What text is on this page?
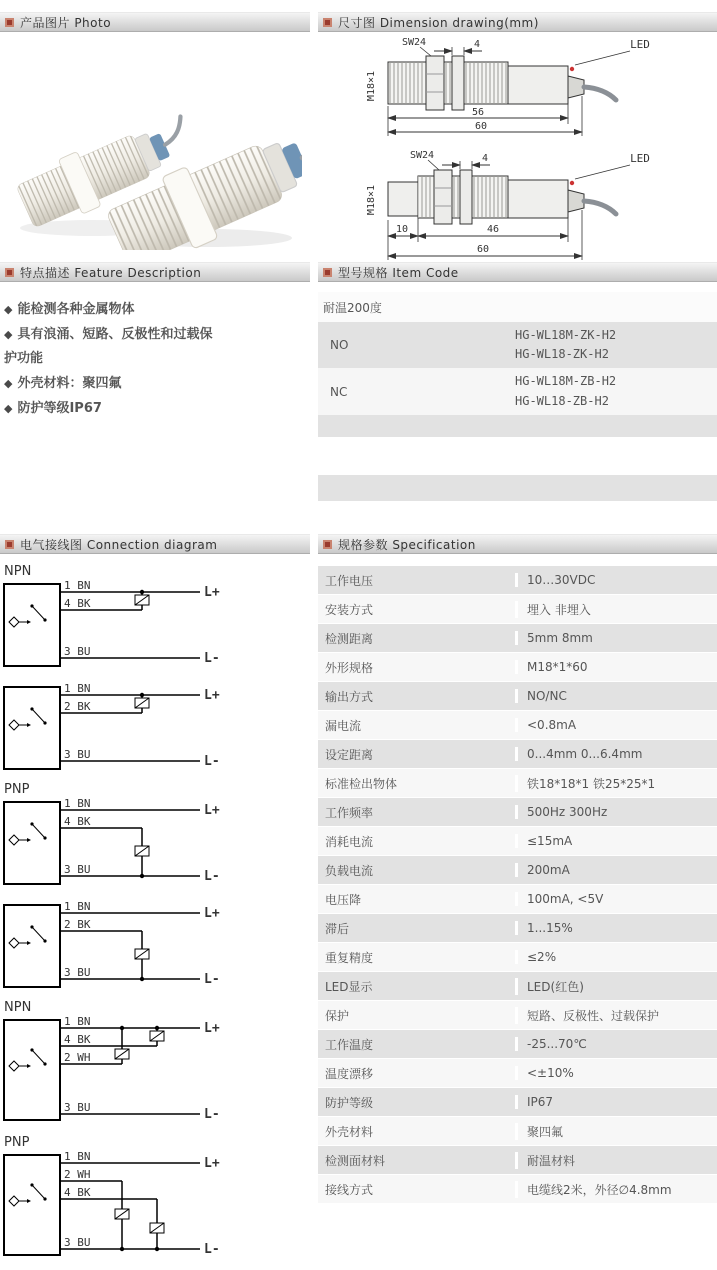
产品图片 Photo	尺寸图 Dimension drawing(mm)
LED
SW24	4
M18×1
56
60
LED
SW24	4
M18×1
10	46
60
特点描述 Feature Description
◆ 能检测各种金属物体
◆ 具有浪涌、短路、反极性和过载保护功能
◆ 外壳材料：聚四氟
◆ 防护等级IP67
型号规格 Item Code
耐温200度
NO
HG-WL18M-ZK-H2
HG-WL18-ZK-H2
NC
HG-WL18M-ZB-H2
HG-WL18-ZB-H2
电气接线图 Connection diagram
NPN
1 BN
4 BK
3 BU
L+
L-
1 BN
2 BK
3 BU
L+
L-
PNP
1 BN
4 BK
3 BU
L+
L-
1 BN
2 BK
3 BU
L+
L-
NPN
1 BN
4 BK
2 WH
3 BU
L+
L-
PNP
1 BN
2 WH
4 BK
3 BU
L+
L-
规格参数 Specification
工作电压	10…30VDC
安装方式	埋入 非埋入
检测距离	5mm 8mm
外形规格	M18*1*60
输出方式	NO/NC
漏电流	<0.8mA
设定距离	0...4mm 0...6.4mm
标准检出物体	铁18*18*1 铁25*25*1
工作频率	500Hz 300Hz
消耗电流	≤15mA
负载电流	200mA
电压降	100mA, <5V
滞后	1...15%
重复精度	≤2%
LED显示	LED(红色)
保护	短路、反极性、过载保护
工作温度	-25...70℃
温度漂移	<±10%
防护等级	IP67
外壳材料	聚四氟
检测面材料	耐温材料
接线方式	电缆线2米，外径∅4.8mm
